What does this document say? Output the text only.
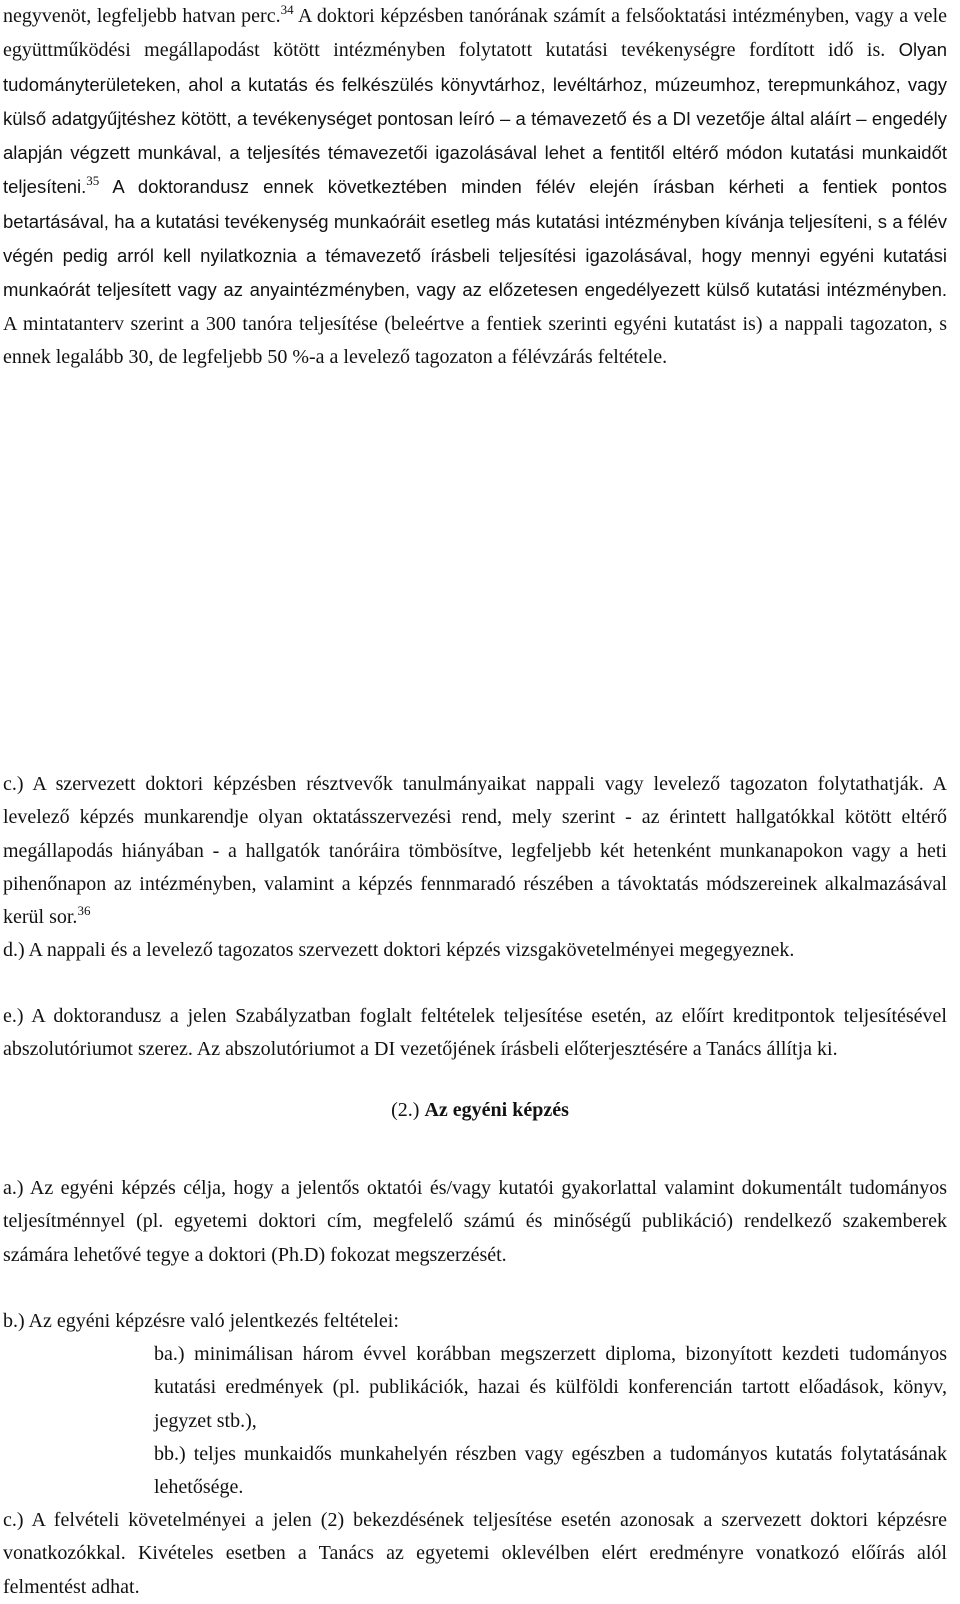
negyvenöt, legfeljebb hatvan perc.$^{34}$ A doktori képzésben tanórának számít a felsőoktatási intézményben, vagy a vele együttműködési megállapodást kötött intézményben folytatott kutatási tevékenységre fordított idő is. Olyan tudományterületeken, ahol a kutatás és felkészülés könyvtárhoz, levéltárhoz, múzeumhoz, terepmunkához, vagy külső adatgyűjtéshez kötött, a tevékenységet pontosan leíró – a témavezető és a DI vezetője által aláírt – engedély alapján végzett munkával, a teljesítés témavezetői igazolásával lehet a fentitől eltérő módon kutatási munkaidőt teljesíteni.$^{35}$ A doktorandusz ennek következtében minden félév elején írásban kérheti a fentiek pontos betartásával, ha a kutatási tevékenység munkaóráit esetleg más kutatási intézményben kívánja teljesíteni, s a félév végén pedig arról kell nyilatkoznia a témavezető írásbeli teljesítési igazolásával, hogy mennyi egyéni kutatási munkaórát teljesített vagy az anyaintézményben, vagy az előzetesen engedélyezett külső kutatási intézményben. A mintatanterv szerint a 300 tanóra teljesítése (beleértve a fentiek szerinti egyéni kutatást is) a nappali tagozaton, s ennek legalább 30, de legfeljebb 50 %-a a levelező tagozaton a félévzárás feltétele.

c.) A szervezett doktori képzésben résztvevők tanulmányaikat nappali vagy levelező tagozaton folytathatják. A levelező képzés munkarendje olyan oktatásszervezési rend, mely szerint - az érintett hallgatókkal kötött eltérő megállapodás hiányában - a hallgatók tanóráira tömbösítve, legfeljebb két hetenként munkanapokon vagy a heti pihenőnapon az intézményben, valamint a képzés fennmaradó részében a távoktatás módszereinek alkalmazásával kerül sor.$^{36}$

d.) A nappali és a levelező tagozatos szervezett doktori képzés vizsgakövetelményei megegyeznek.

e.) A doktorandusz a jelen Szabályzatban foglalt feltételek teljesítése esetén, az előírt kreditpontok teljesítésével abszolutóriumot szerez. Az abszolutóriumot a DI vezetőjének írásbeli előterjesztésére a Tanács állítja ki.

(2.) Az egyéni képzés

a.) Az egyéni képzés célja, hogy a jelentős oktatói és/vagy kutatói gyakorlattal valamint dokumentált tudományos teljesítménnyel (pl. egyetemi doktori cím, megfelelő számú és minőségű publikáció) rendelkező szakemberek számára lehetővé tegye a doktori (Ph.D) fokozat megszerzését.

b.) Az egyéni képzésre való jelentkezés feltételei:

ba.) minimálisan három évvel korábban megszerzett diploma, bizonyított kezdeti tudományos kutatási eredmények (pl. publikációk, hazai és külföldi konferencián tartott előadások, könyv, jegyzet stb.),

bb.) teljes munkaidős munkahelyén részben vagy egészben a tudományos kutatás folytatásának lehetősége.

c.) A felvételi követelményei a jelen (2) bekezdésének teljesítése esetén azonosak a szervezett doktori képzésre vonatkozókkal. Kivételes esetben a Tanács az egyetemi oklevélben elért eredményre vonatkozó előírás alól felmentést adhat.
